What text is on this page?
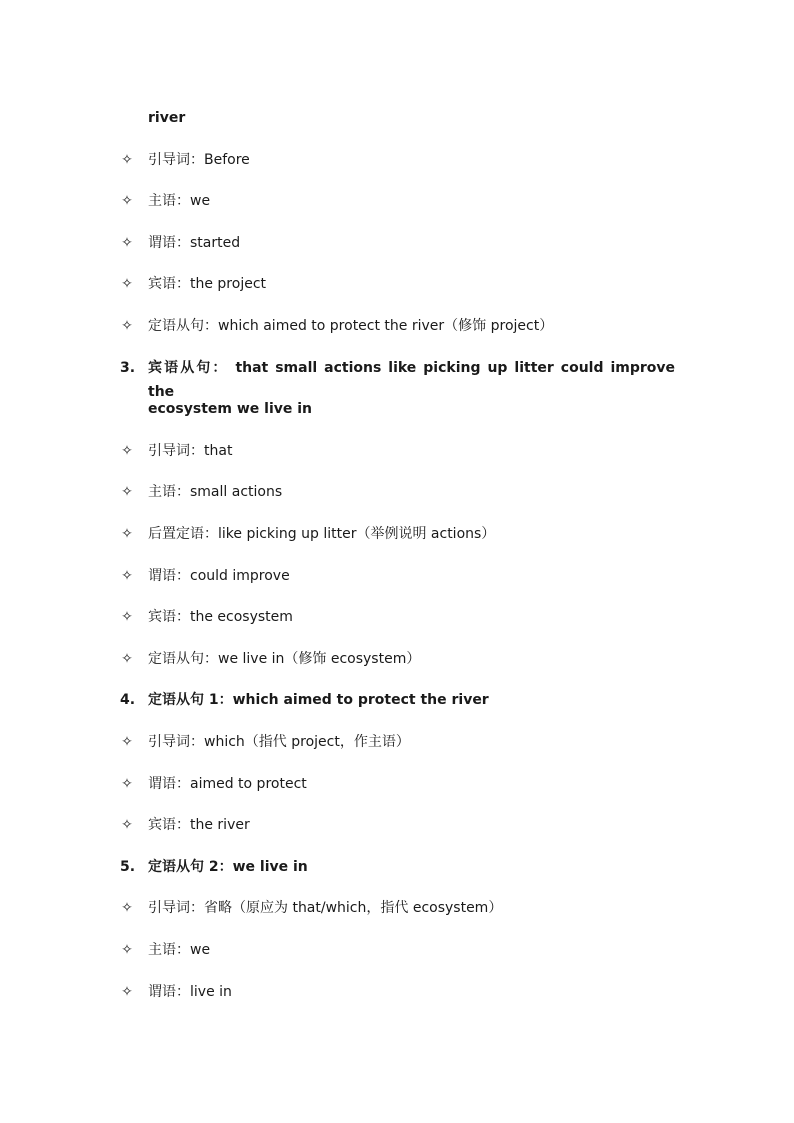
river
✧ 引导词：Before
✧ 主语：we
✧ 谓语：started
✧ 宾语：the project
✧ 定语从句：which aimed to protect the river（修饰 project）
3. 宾语从句： that small actions like picking up litter could improve the
ecosystem we live in
✧ 引导词：that
✧ 主语：small actions
✧ 后置定语：like picking up litter（举例说明 actions）
✧ 谓语：could improve
✧ 宾语：the ecosystem
✧ 定语从句：we live in（修饰 ecosystem）
4. 定语从句 1：which aimed to protect the river
✧ 引导词：which（指代 project，作主语）
✧ 谓语：aimed to protect
✧ 宾语：the river
5. 定语从句 2：we live in
✧ 引导词：省略（原应为 that/which，指代 ecosystem）
✧ 主语：we
✧ 谓语：live in
